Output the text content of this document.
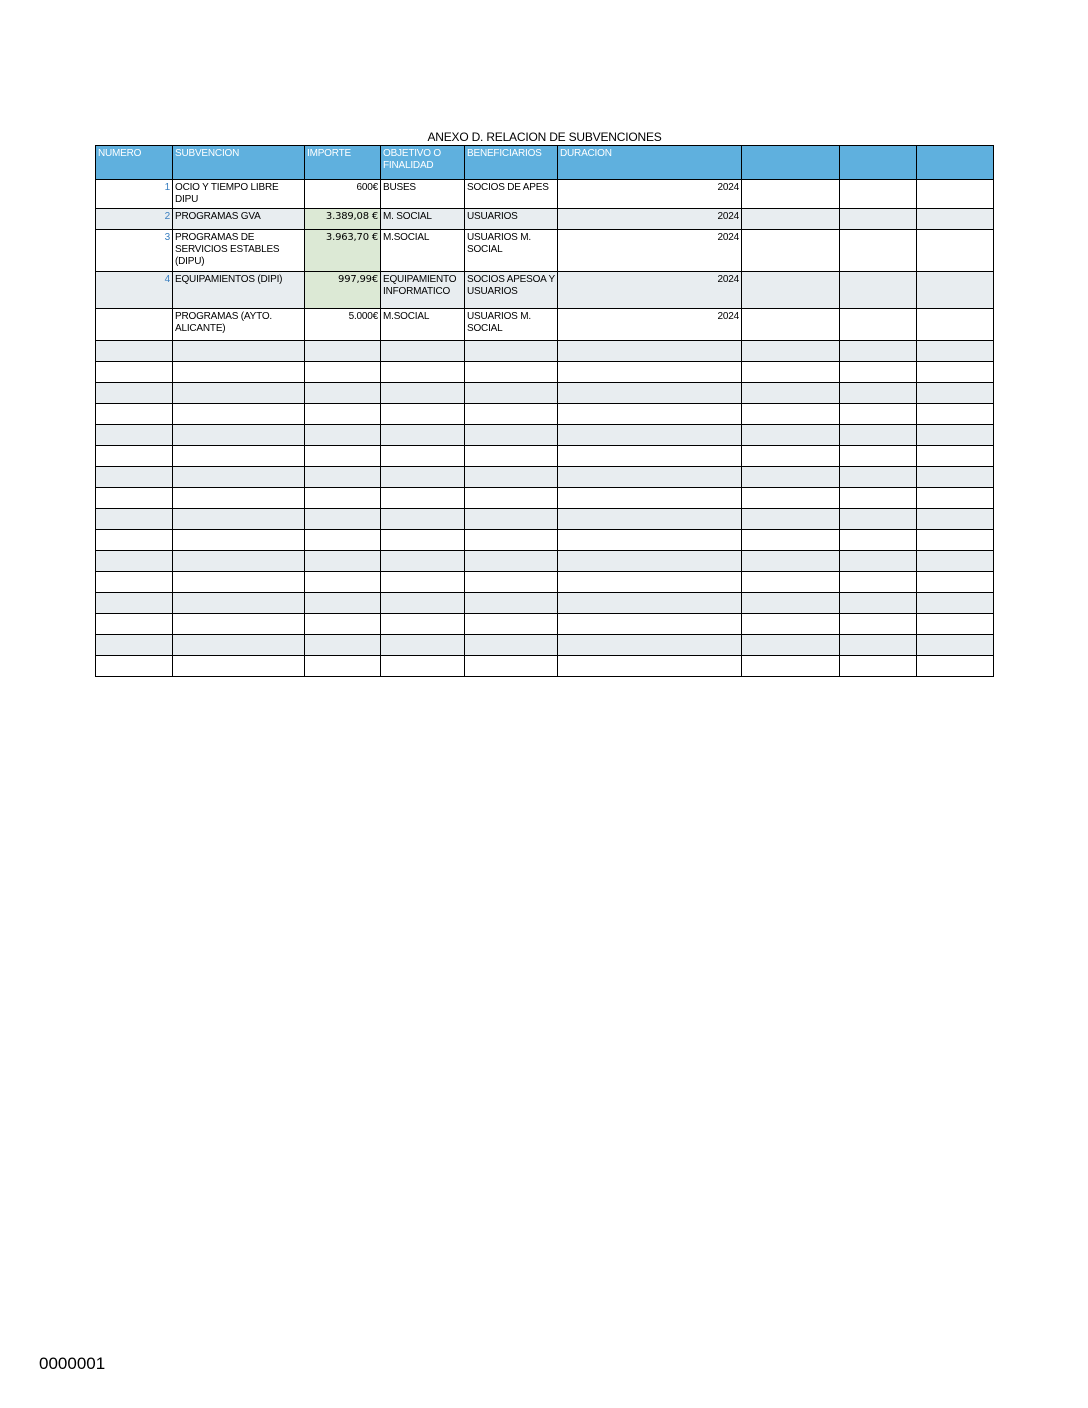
ANEXO D. RELACION DE SUBVENCIONES
NUMERO	SUBVENCION	IMPORTE	OBJETIVO O FINALIDAD	BENEFICIARIOS	DURACION			
1	OCIO Y TIEMPO LIBRE DIPU	600€	BUSES	SOCIOS DE APES	2024			
2	PROGRAMAS GVA	3.389,08 €	M. SOCIAL	USUARIOS	2024			
3	PROGRAMAS DE SERVICIOS ESTABLES (DIPU)	3.963,70 €	M.SOCIAL	USUARIOS M. SOCIAL	2024			
4	EQUIPAMIENTOS (DIPI)	997,99€	EQUIPAMIENTO INFORMATICO	SOCIOS APESOA Y USUARIOS	2024			
	PROGRAMAS (AYTO. ALICANTE)	5.000€	M.SOCIAL	USUARIOS M. SOCIAL	2024			

0000001
